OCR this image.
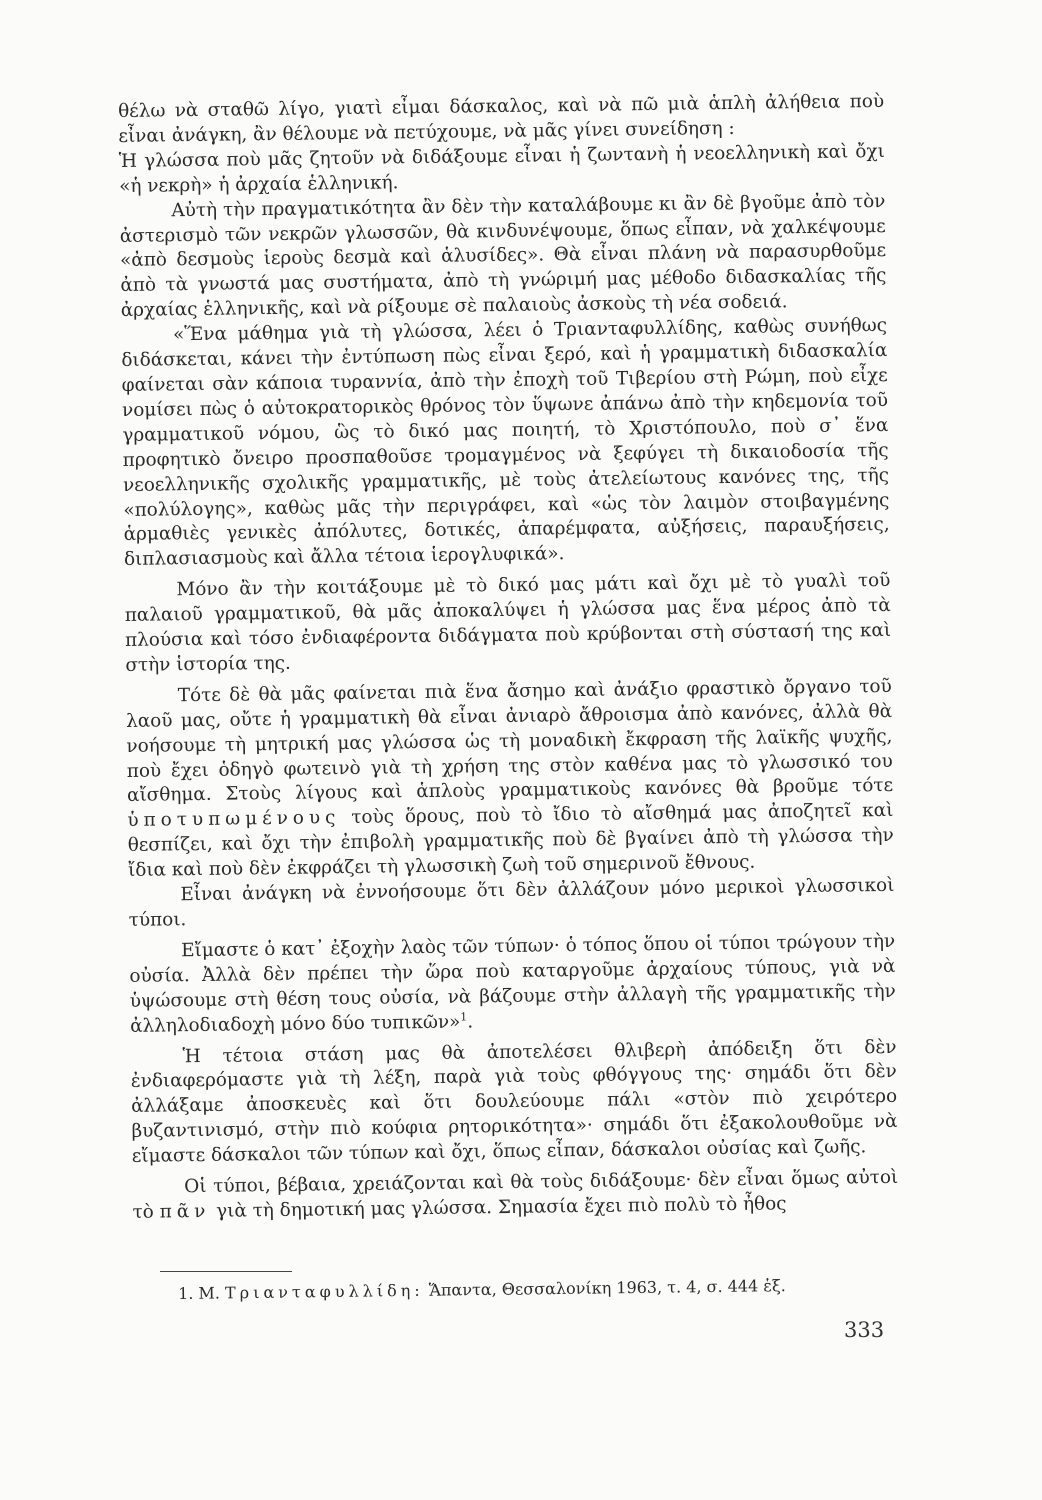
θέλω νὰ σταθῶ λίγο, γιατὶ εἶμαι δάσκαλος, καὶ νὰ πῶ μιὰ ἁπλὴ ἀλήθεια ποὺ εἶναι ἀνάγκη, ἂν θέλουμε νὰ πετύχουμε, νὰ μᾶς γίνει συνείδηση :

Ἡ γλώσσα ποὺ μᾶς ζητοῦν νὰ διδάξουμε εἶναι ἡ ζωντανὴ ἡ νεοελληνικὴ καὶ ὄχι «ἡ νεκρὴ» ἡ ἀρχαία ἑλληνική.

Αὐτὴ τὴν πραγματικότητα ἂν δὲν τὴν καταλάβουμε κι ἂν δὲ βγοῦμε ἀπὸ τὸν ἀστερισμὸ τῶν νεκρῶν γλωσσῶν, θὰ κινδυνέψουμε, ὅπως εἶπαν, νὰ χαλκέψουμε «ἀπὸ δεσμοὺς ἱεροὺς δεσμὰ καὶ ἁλυσίδες». Θὰ εἶναι πλάνη νὰ παρασυρθοῦμε ἀπὸ τὰ γνωστά μας συστήματα, ἀπὸ τὴ γνώριμή μας μέθοδο διδασκαλίας τῆς ἀρχαίας ἑλληνικῆς, καὶ νὰ ρίξουμε σὲ παλαιοὺς ἀσκοὺς τὴ νέα σοδειά.

«Ἕνα μάθημα γιὰ τὴ γλώσσα, λέει ὁ Τριανταφυλλίδης, καθὼς συνήθως διδάσκεται, κάνει τὴν ἐντύπωση πὼς εἶναι ξερό, καὶ ἡ γραμματικὴ διδασκαλία φαίνεται σὰν κάποια τυραννία, ἀπὸ τὴν ἐποχὴ τοῦ Τιβερίου στὴ Ρώμη, ποὺ εἶχε νομίσει πὼς ὁ αὐτοκρατορικὸς θρόνος τὸν ὕψωνε ἀπάνω ἀπὸ τὴν κηδεμονία τοῦ γραμματικοῦ νόμου, ὣς τὸ δικό μας ποιητή, τὸ Χριστόπουλο, ποὺ σ᾽ ἕνα προφητικὸ ὄνειρο προσπαθοῦσε τρομαγμένος νὰ ξεφύγει τὴ δικαιοδοσία τῆς νεοελληνικῆς σχολικῆς γραμματικῆς, μὲ τοὺς ἀτελείωτους κανόνες της, τῆς «πολύλογης», καθὼς μᾶς τὴν περιγράφει, καὶ «ὡς τὸν λαιμὸν στοιβαγμένης ἁρμαθιὲς γενικὲς ἀπόλυτες, δοτικές, ἀπαρέμφατα, αὐξήσεις, παραυξήσεις, διπλασιασμοὺς καὶ ἄλλα τέτοια ἱερογλυφικά».

Μόνο ἂν τὴν κοιτάξουμε μὲ τὸ δικό μας μάτι καὶ ὄχι μὲ τὸ γυαλὶ τοῦ παλαιοῦ γραμματικοῦ, θὰ μᾶς ἀποκαλύψει ἡ γλώσσα μας ἕνα μέρος ἀπὸ τὰ πλούσια καὶ τόσο ἐνδιαφέροντα διδάγματα ποὺ κρύβονται στὴ σύστασή της καὶ στὴν ἱστορία της.

Τότε δὲ θὰ μᾶς φαίνεται πιὰ ἕνα ἄσημο καὶ ἀνάξιο φραστικὸ ὄργανο τοῦ λαοῦ μας, οὔτε ἡ γραμματικὴ θὰ εἶναι ἀνιαρὸ ἄθροισμα ἀπὸ κανόνες, ἀλλὰ θὰ νοήσουμε τὴ μητρική μας γλώσσα ὡς τὴ μοναδικὴ ἔκφραση τῆς λαϊκῆς ψυχῆς, ποὺ ἔχει ὁδηγὸ φωτεινὸ γιὰ τὴ χρήση της στὸν καθένα μας τὸ γλωσσικό του αἴσθημα. Στοὺς λίγους καὶ ἁπλοὺς γραμματικοὺς κανόνες θὰ βροῦμε τότε ὑποτυπωμένους τοὺς ὅρους, ποὺ τὸ ἴδιο τὸ αἴσθημά μας ἀποζητεῖ καὶ θεσπίζει, καὶ ὄχι τὴν ἐπιβολὴ γραμματικῆς ποὺ δὲ βγαίνει ἀπὸ τὴ γλώσσα τὴν ἴδια καὶ ποὺ δὲν ἐκφράζει τὴ γλωσσικὴ ζωὴ τοῦ σημερινοῦ ἔθνους.

Εἶναι ἀνάγκη νὰ ἐννοήσουμε ὅτι δὲν ἀλλάζουν μόνο μερικοὶ γλωσσικοὶ τύποι.

Εἴμαστε ὁ κατ᾽ ἐξοχὴν λαὸς τῶν τύπων· ὁ τόπος ὅπου οἱ τύποι τρώγουν τὴν οὐσία. Ἀλλὰ δὲν πρέπει τὴν ὥρα ποὺ καταργοῦμε ἀρχαίους τύπους, γιὰ νὰ ὑψώσουμε στὴ θέση τους οὐσία, νὰ βάζουμε στὴν ἀλλαγὴ τῆς γραμματικῆς τὴν ἀλληλοδιαδοχὴ μόνο δύο τυπικῶν»$^1$.

Ἡ τέτοια στάση μας θὰ ἀποτελέσει θλιβερὴ ἀπόδειξη ὅτι δὲν ἐνδιαφερόμαστε γιὰ τὴ λέξη, παρὰ γιὰ τοὺς φθόγγους της· σημάδι ὅτι δὲν ἀλλάξαμε ἀποσκευὲς καὶ ὅτι δουλεύουμε πάλι «στὸν πιὸ χειρότερο βυζαντινισμό, στὴν πιὸ κούφια ρητορικότητα»· σημάδι ὅτι ἐξακολουθοῦμε νὰ εἴμαστε δάσκαλοι τῶν τύπων καὶ ὄχι, ὅπως εἶπαν, δάσκαλοι οὐσίας καὶ ζωῆς.

Οἱ τύποι, βέβαια, χρειάζονται καὶ θὰ τοὺς διδάξουμε· δὲν εἶναι ὅμως αὐτοὶ τὸ πᾶν γιὰ τὴ δημοτική μας γλώσσα. Σημασία ἔχει πιὸ πολὺ τὸ ἦθος

1. Μ. Τριανταφυλλίδη: Ἅπαντα, Θεσσαλονίκη 1963, τ. 4, σ. 444 ἑξ.
333
